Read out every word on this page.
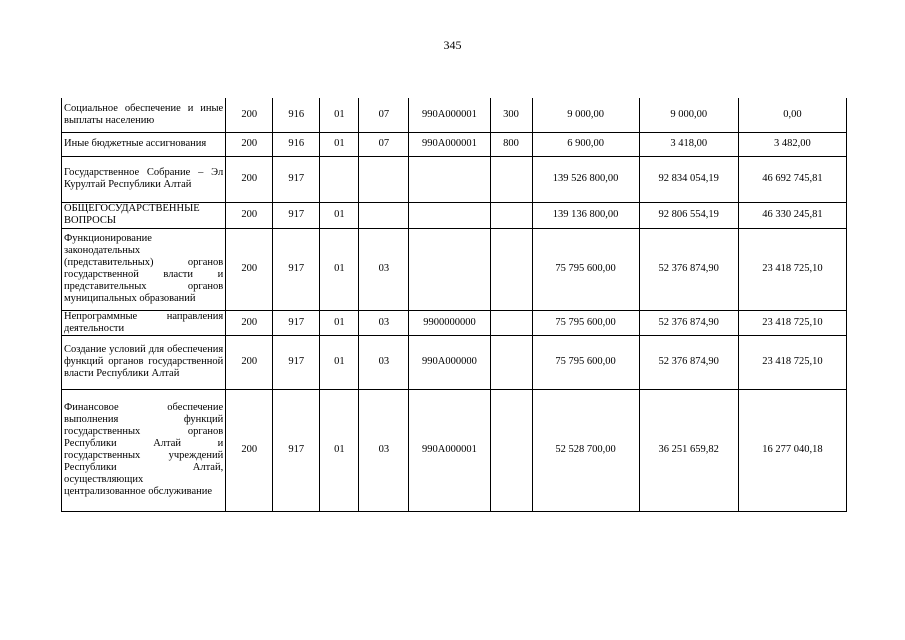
345
Социальное обеспечение и иные выплаты населению	200	916	01	07	990А000001	300	9 000,00	9 000,00	0,00
Иные бюджетные ассигнования	200	916	01	07	990А000001	800	6 900,00	3 418,00	3 482,00
Государственное Собрание – Эл Курултай Республики Алтай	200	917					139 526 800,00	92 834 054,19	46 692 745,81
ОБЩЕГОСУДАРСТВЕННЫЕ ВОПРОСЫ	200	917	01				139 136 800,00	92 806 554,19	46 330 245,81
Функционирование законодательных (представительных) органов государственной власти и представительных органов муниципальных образований	200	917	01	03			75 795 600,00	52 376 874,90	23 418 725,10
Непрограммные направления деятельности	200	917	01	03	9900000000		75 795 600,00	52 376 874,90	23 418 725,10
Создание условий для обеспечения функций органов государственной власти Республики Алтай	200	917	01	03	990А000000		75 795 600,00	52 376 874,90	23 418 725,10
Финансовое обеспечение выполнения функций государственных органов Республики Алтай и государственных учреждений Республики Алтай, осуществляющих централизованное обслуживание	200	917	01	03	990А000001		52 528 700,00	36 251 659,82	16 277 040,18
